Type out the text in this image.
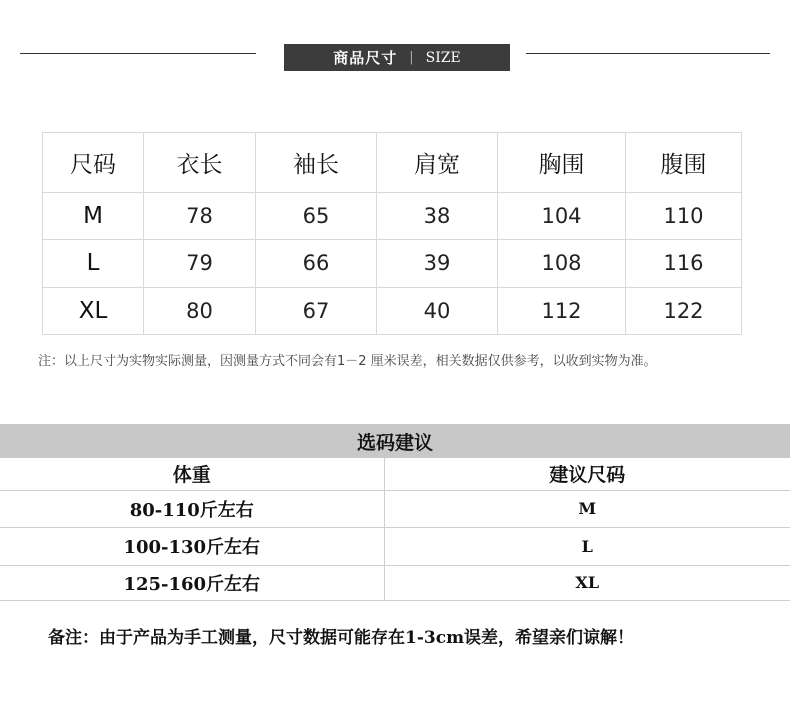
商品尺寸 | SIZE
尺码	衣长	袖长	肩宽	胸围	腹围
M	78	65	38	104	110
L	79	66	39	108	116
XL	80	67	40	112	122
注：以上尺寸为实物实际测量，因测量方式不同会有1－2 厘米误差，相关数据仅供参考，以收到实物为准。
选码建议
体重	建议尺码
80-110斤左右	M
100-130斤左右	L
125-160斤左右	XL
备注：由于产品为手工测量，尺寸数据可能存在1-3cm误差，希望亲们谅解！
